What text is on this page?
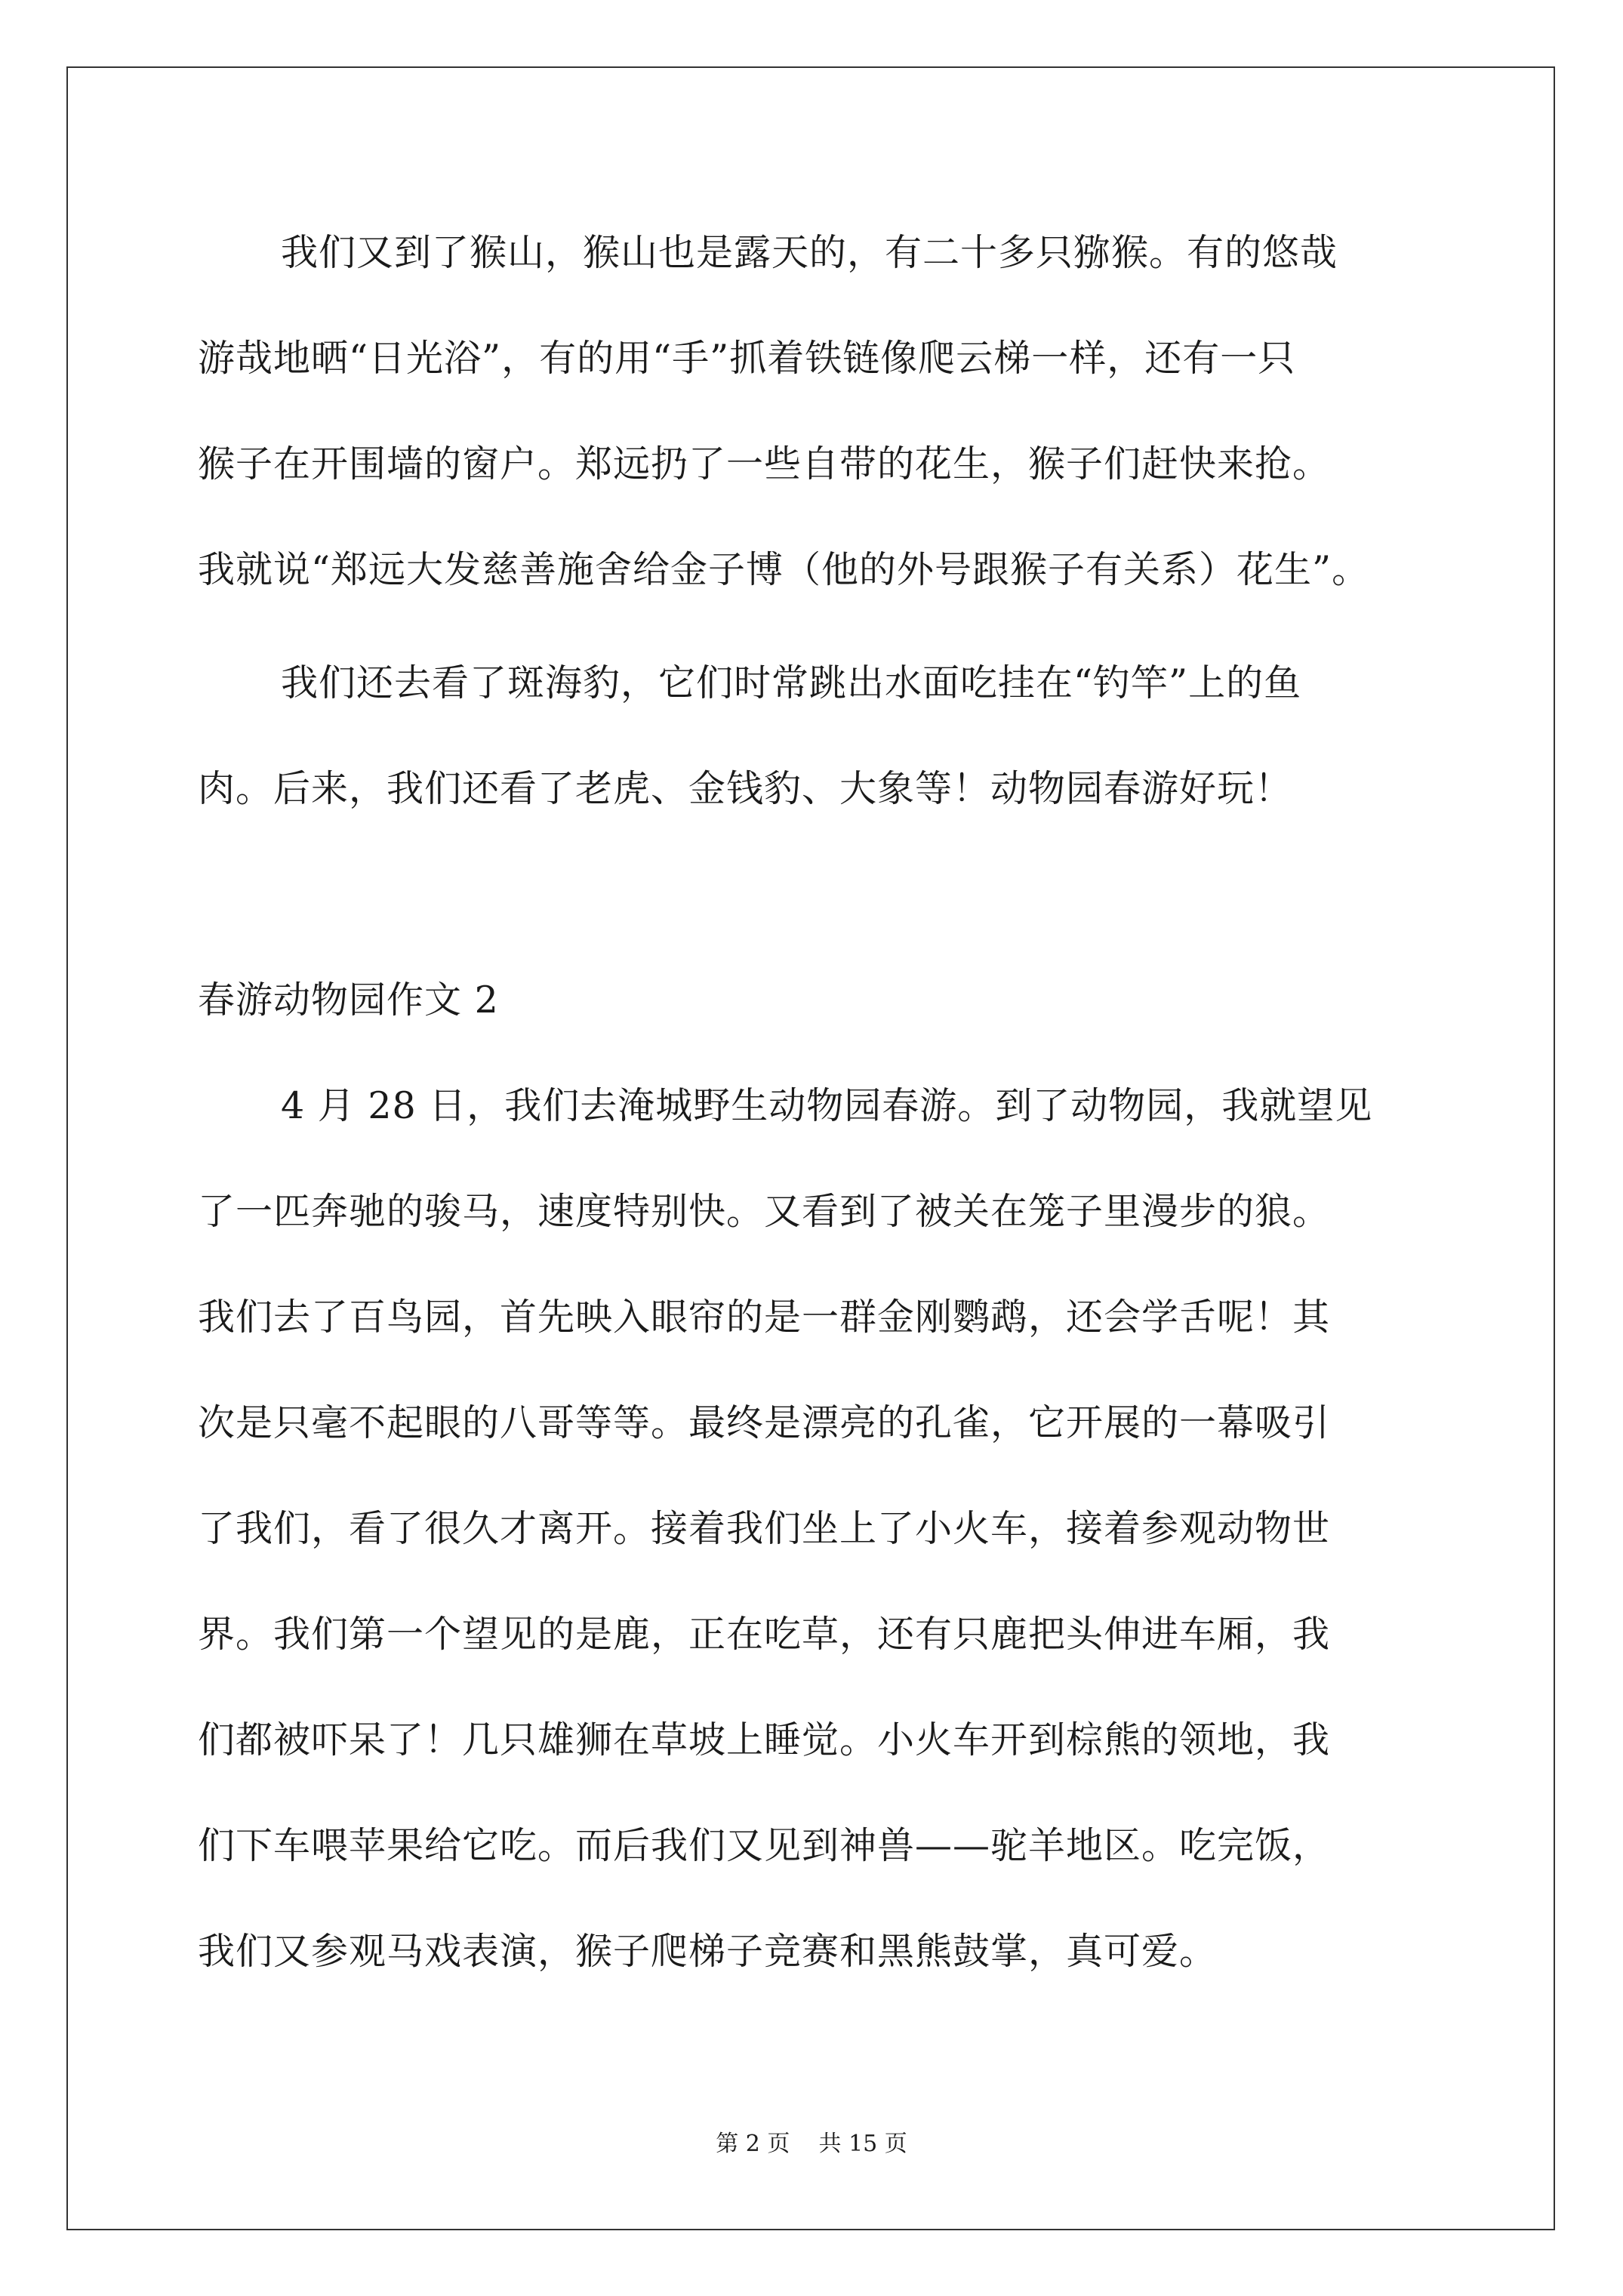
我们又到了猴山，猴山也是露天的，有二十多只猕猴。有的悠哉
游哉地晒“日光浴”，有的用“手”抓着铁链像爬云梯一样，还有一只
猴子在开围墙的窗户。郑远扔了一些自带的花生，猴子们赶快来抢。
我就说“郑远大发慈善施舍给金子博（他的外号跟猴子有关系）花生”。
我们还去看了斑海豹，它们时常跳出水面吃挂在“钓竿”上的鱼
肉。后来，我们还看了老虎、金钱豹、大象等！动物园春游好玩！
春游动物园作文 2
4 月 28 日，我们去淹城野生动物园春游。到了动物园，我就望见
了一匹奔驰的骏马，速度特别快。又看到了被关在笼子里漫步的狼。
我们去了百鸟园，首先映入眼帘的是一群金刚鹦鹉，还会学舌呢！其
次是只毫不起眼的八哥等等。最终是漂亮的孔雀，它开展的一幕吸引
了我们，看了很久才离开。接着我们坐上了小火车，接着参观动物世
界。我们第一个望见的是鹿，正在吃草，还有只鹿把头伸进车厢，我
们都被吓呆了！几只雄狮在草坡上睡觉。小火车开到棕熊的领地，我
们下车喂苹果给它吃。而后我们又见到神兽——驼羊地区。吃完饭，
我们又参观马戏表演，猴子爬梯子竞赛和黑熊鼓掌，真可爱。
第 2 页 共 15 页
